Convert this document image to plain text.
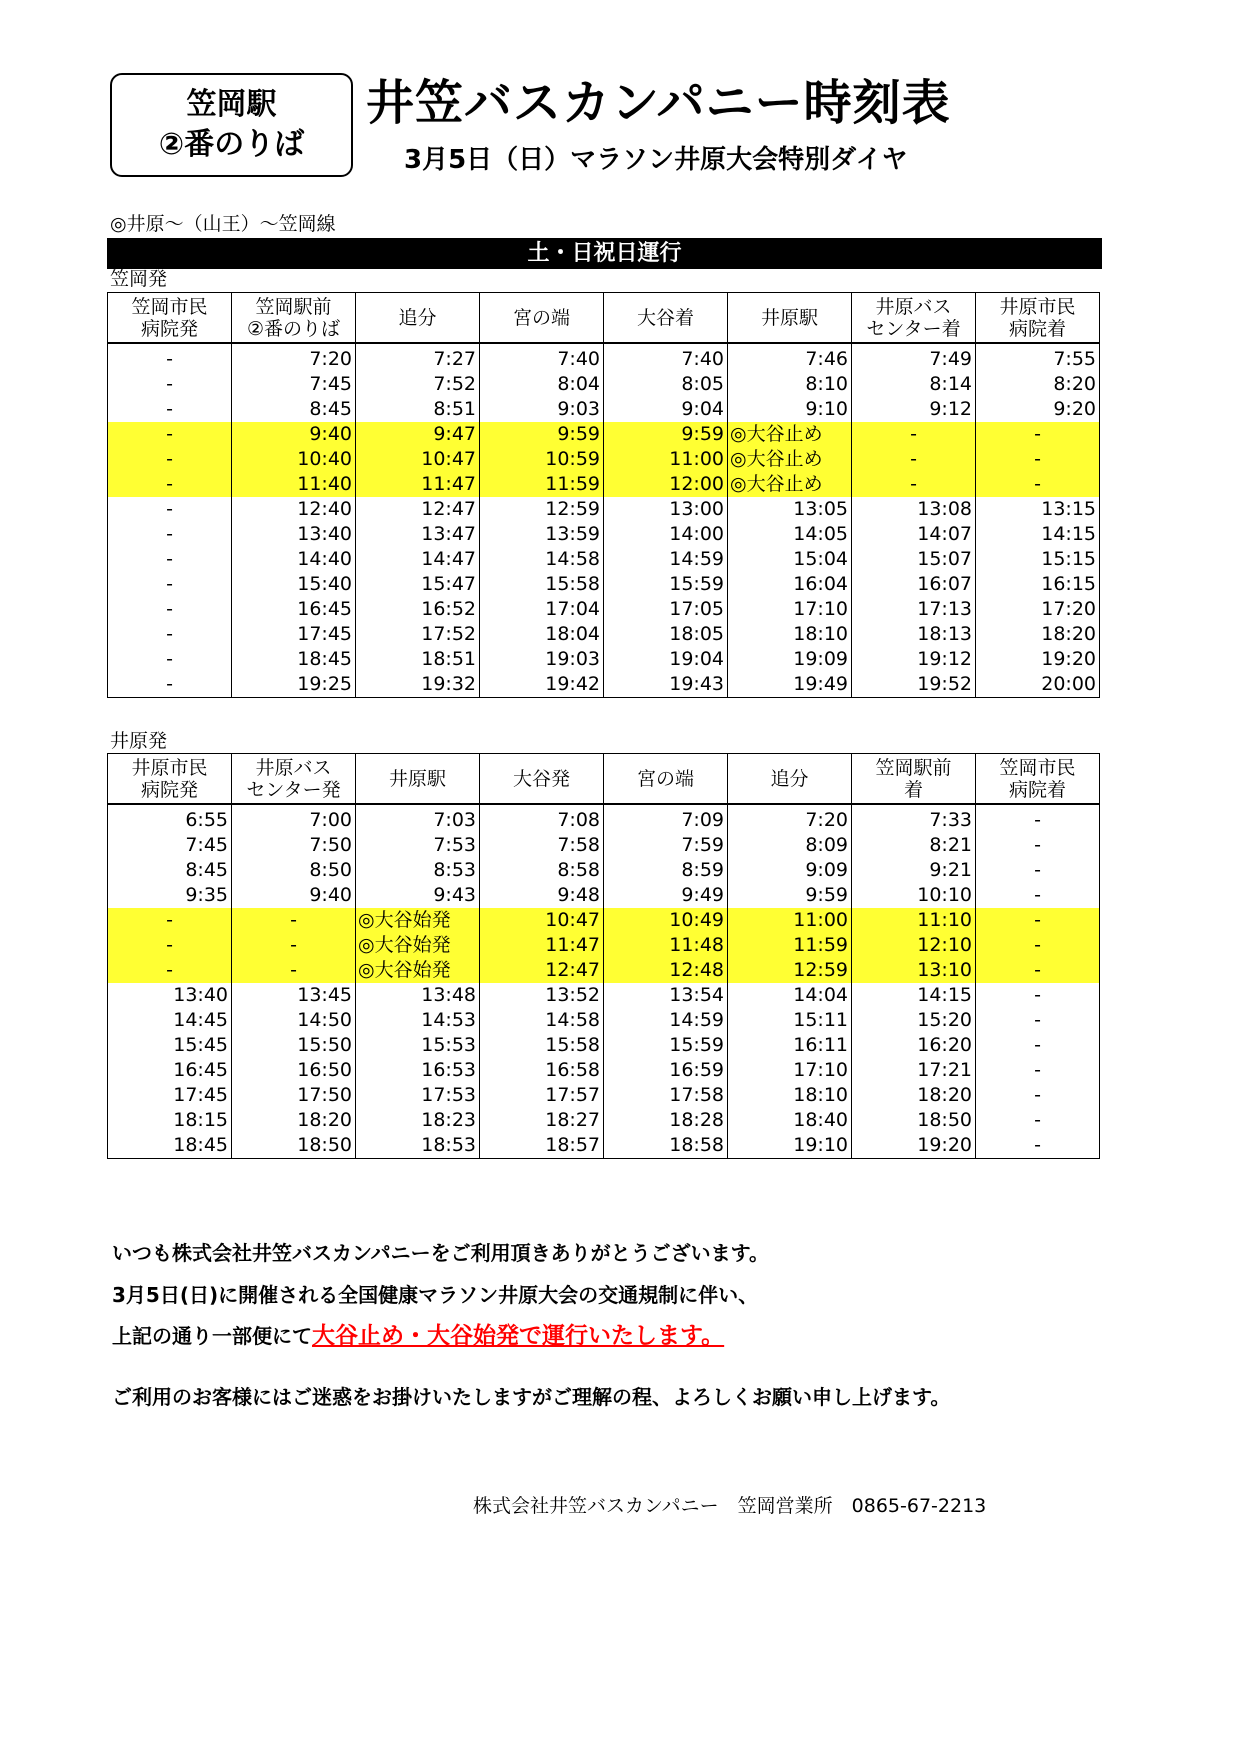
笠岡駅
②番のりば
井笠バスカンパニー時刻表
3月5日（日）マラソン井原大会特別ダイヤ
◎井原～（山王）～笠岡線
土・日祝日運行
笠岡発
笠岡市民
病院発	笠岡駅前
②番のりば	追分	宮の端	大谷着	井原駅	井原バス
センター着	井原市民
病院着
-	7:20	7:27	7:40	7:40	7:46	7:49	7:55
-	7:45	7:52	8:04	8:05	8:10	8:14	8:20
-	8:45	8:51	9:03	9:04	9:10	9:12	9:20
-	9:40	9:47	9:59	9:59	◎大谷止め	-	-
-	10:40	10:47	10:59	11:00	◎大谷止め	-	-
-	11:40	11:47	11:59	12:00	◎大谷止め	-	-
-	12:40	12:47	12:59	13:00	13:05	13:08	13:15
-	13:40	13:47	13:59	14:00	14:05	14:07	14:15
-	14:40	14:47	14:58	14:59	15:04	15:07	15:15
-	15:40	15:47	15:58	15:59	16:04	16:07	16:15
-	16:45	16:52	17:04	17:05	17:10	17:13	17:20
-	17:45	17:52	18:04	18:05	18:10	18:13	18:20
-	18:45	18:51	19:03	19:04	19:09	19:12	19:20
-	19:25	19:32	19:42	19:43	19:49	19:52	20:00
井原発
井原市民
病院発	井原バス
センター発	井原駅	大谷発	宮の端	追分	笠岡駅前
着	笠岡市民
病院着
6:55	7:00	7:03	7:08	7:09	7:20	7:33	-
7:45	7:50	7:53	7:58	7:59	8:09	8:21	-
8:45	8:50	8:53	8:58	8:59	9:09	9:21	-
9:35	9:40	9:43	9:48	9:49	9:59	10:10	-
-	-	◎大谷始発	10:47	10:49	11:00	11:10	-
-	-	◎大谷始発	11:47	11:48	11:59	12:10	-
-	-	◎大谷始発	12:47	12:48	12:59	13:10	-
13:40	13:45	13:48	13:52	13:54	14:04	14:15	-
14:45	14:50	14:53	14:58	14:59	15:11	15:20	-
15:45	15:50	15:53	15:58	15:59	16:11	16:20	-
16:45	16:50	16:53	16:58	16:59	17:10	17:21	-
17:45	17:50	17:53	17:57	17:58	18:10	18:20	-
18:15	18:20	18:23	18:27	18:28	18:40	18:50	-
18:45	18:50	18:53	18:57	18:58	19:10	19:20	-
いつも株式会社井笠バスカンパニーをご利用頂きありがとうございます。
3月5日(日)に開催される全国健康マラソン井原大会の交通規制に伴い、
上記の通り一部便にて大谷止め・大谷始発で運行いたします。
ご利用のお客様にはご迷惑をお掛けいたしますがご理解の程、よろしくお願い申し上げます。
株式会社井笠バスカンパニー　笠岡営業所　0865-67-2213
